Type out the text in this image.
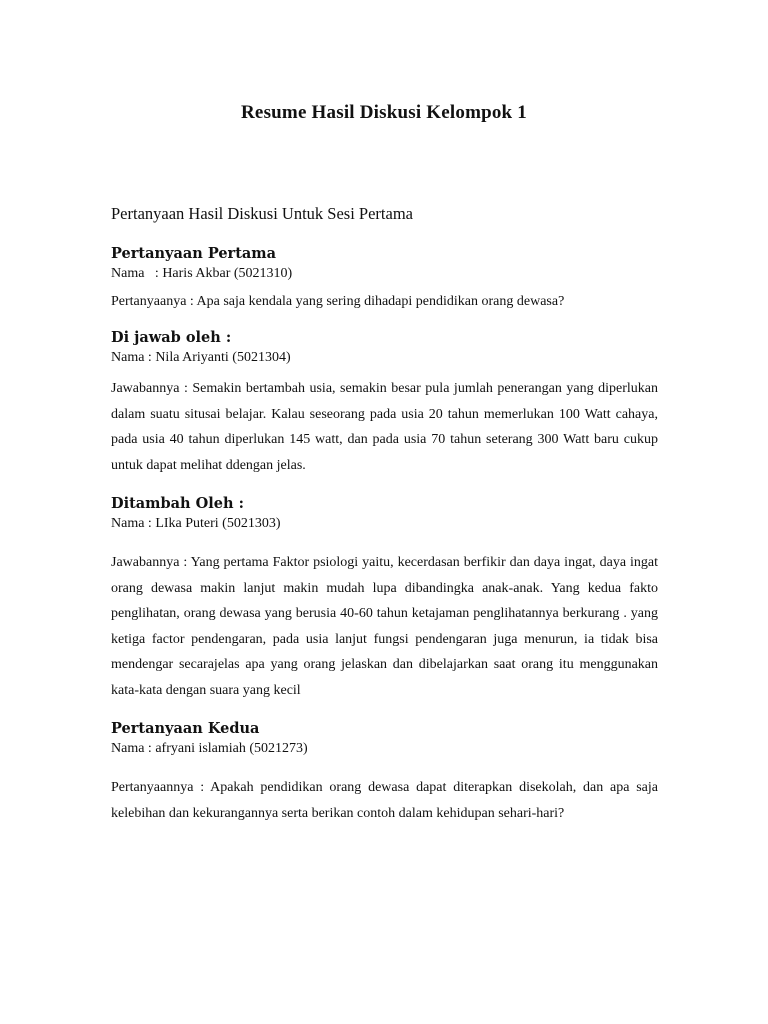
Resume Hasil Diskusi Kelompok 1

Pertanyaan Hasil Diskusi Untuk Sesi Pertama

Pertanyaan Pertama

Nama   : Haris Akbar (5021310)

Pertanyaanya : Apa saja kendala yang sering dihadapi pendidikan orang dewasa?

Di jawab oleh :

Nama : Nila Ariyanti (5021304)

Jawabannya : Semakin bertambah usia, semakin besar pula jumlah penerangan yang diperlukan dalam suatu situsai belajar. Kalau seseorang pada usia 20 tahun memerlukan 100 Watt cahaya, pada usia 40 tahun diperlukan 145 watt, dan pada usia 70 tahun seterang 300 Watt baru cukup untuk dapat melihat ddengan jelas.

Ditambah Oleh :

Nama : LIka Puteri (5021303)

Jawabannya : Yang pertama Faktor psiologi yaitu, kecerdasan berfikir dan daya ingat, daya ingat orang dewasa makin lanjut makin mudah lupa dibandingka anak-anak. Yang kedua fakto penglihatan, orang dewasa yang berusia 40-60 tahun ketajaman penglihatannya berkurang . yang ketiga factor pendengaran, pada usia lanjut fungsi pendengaran juga menurun, ia tidak bisa mendengar secarajelas apa yang orang jelaskan dan dibelajarkan saat orang itu menggunakan kata-kata dengan suara yang kecil

Pertanyaan Kedua

Nama : afryani islamiah (5021273)

Pertanyaannya : Apakah pendidikan orang dewasa dapat diterapkan disekolah, dan apa saja kelebihan dan kekurangannya serta berikan contoh dalam kehidupan sehari-hari?
